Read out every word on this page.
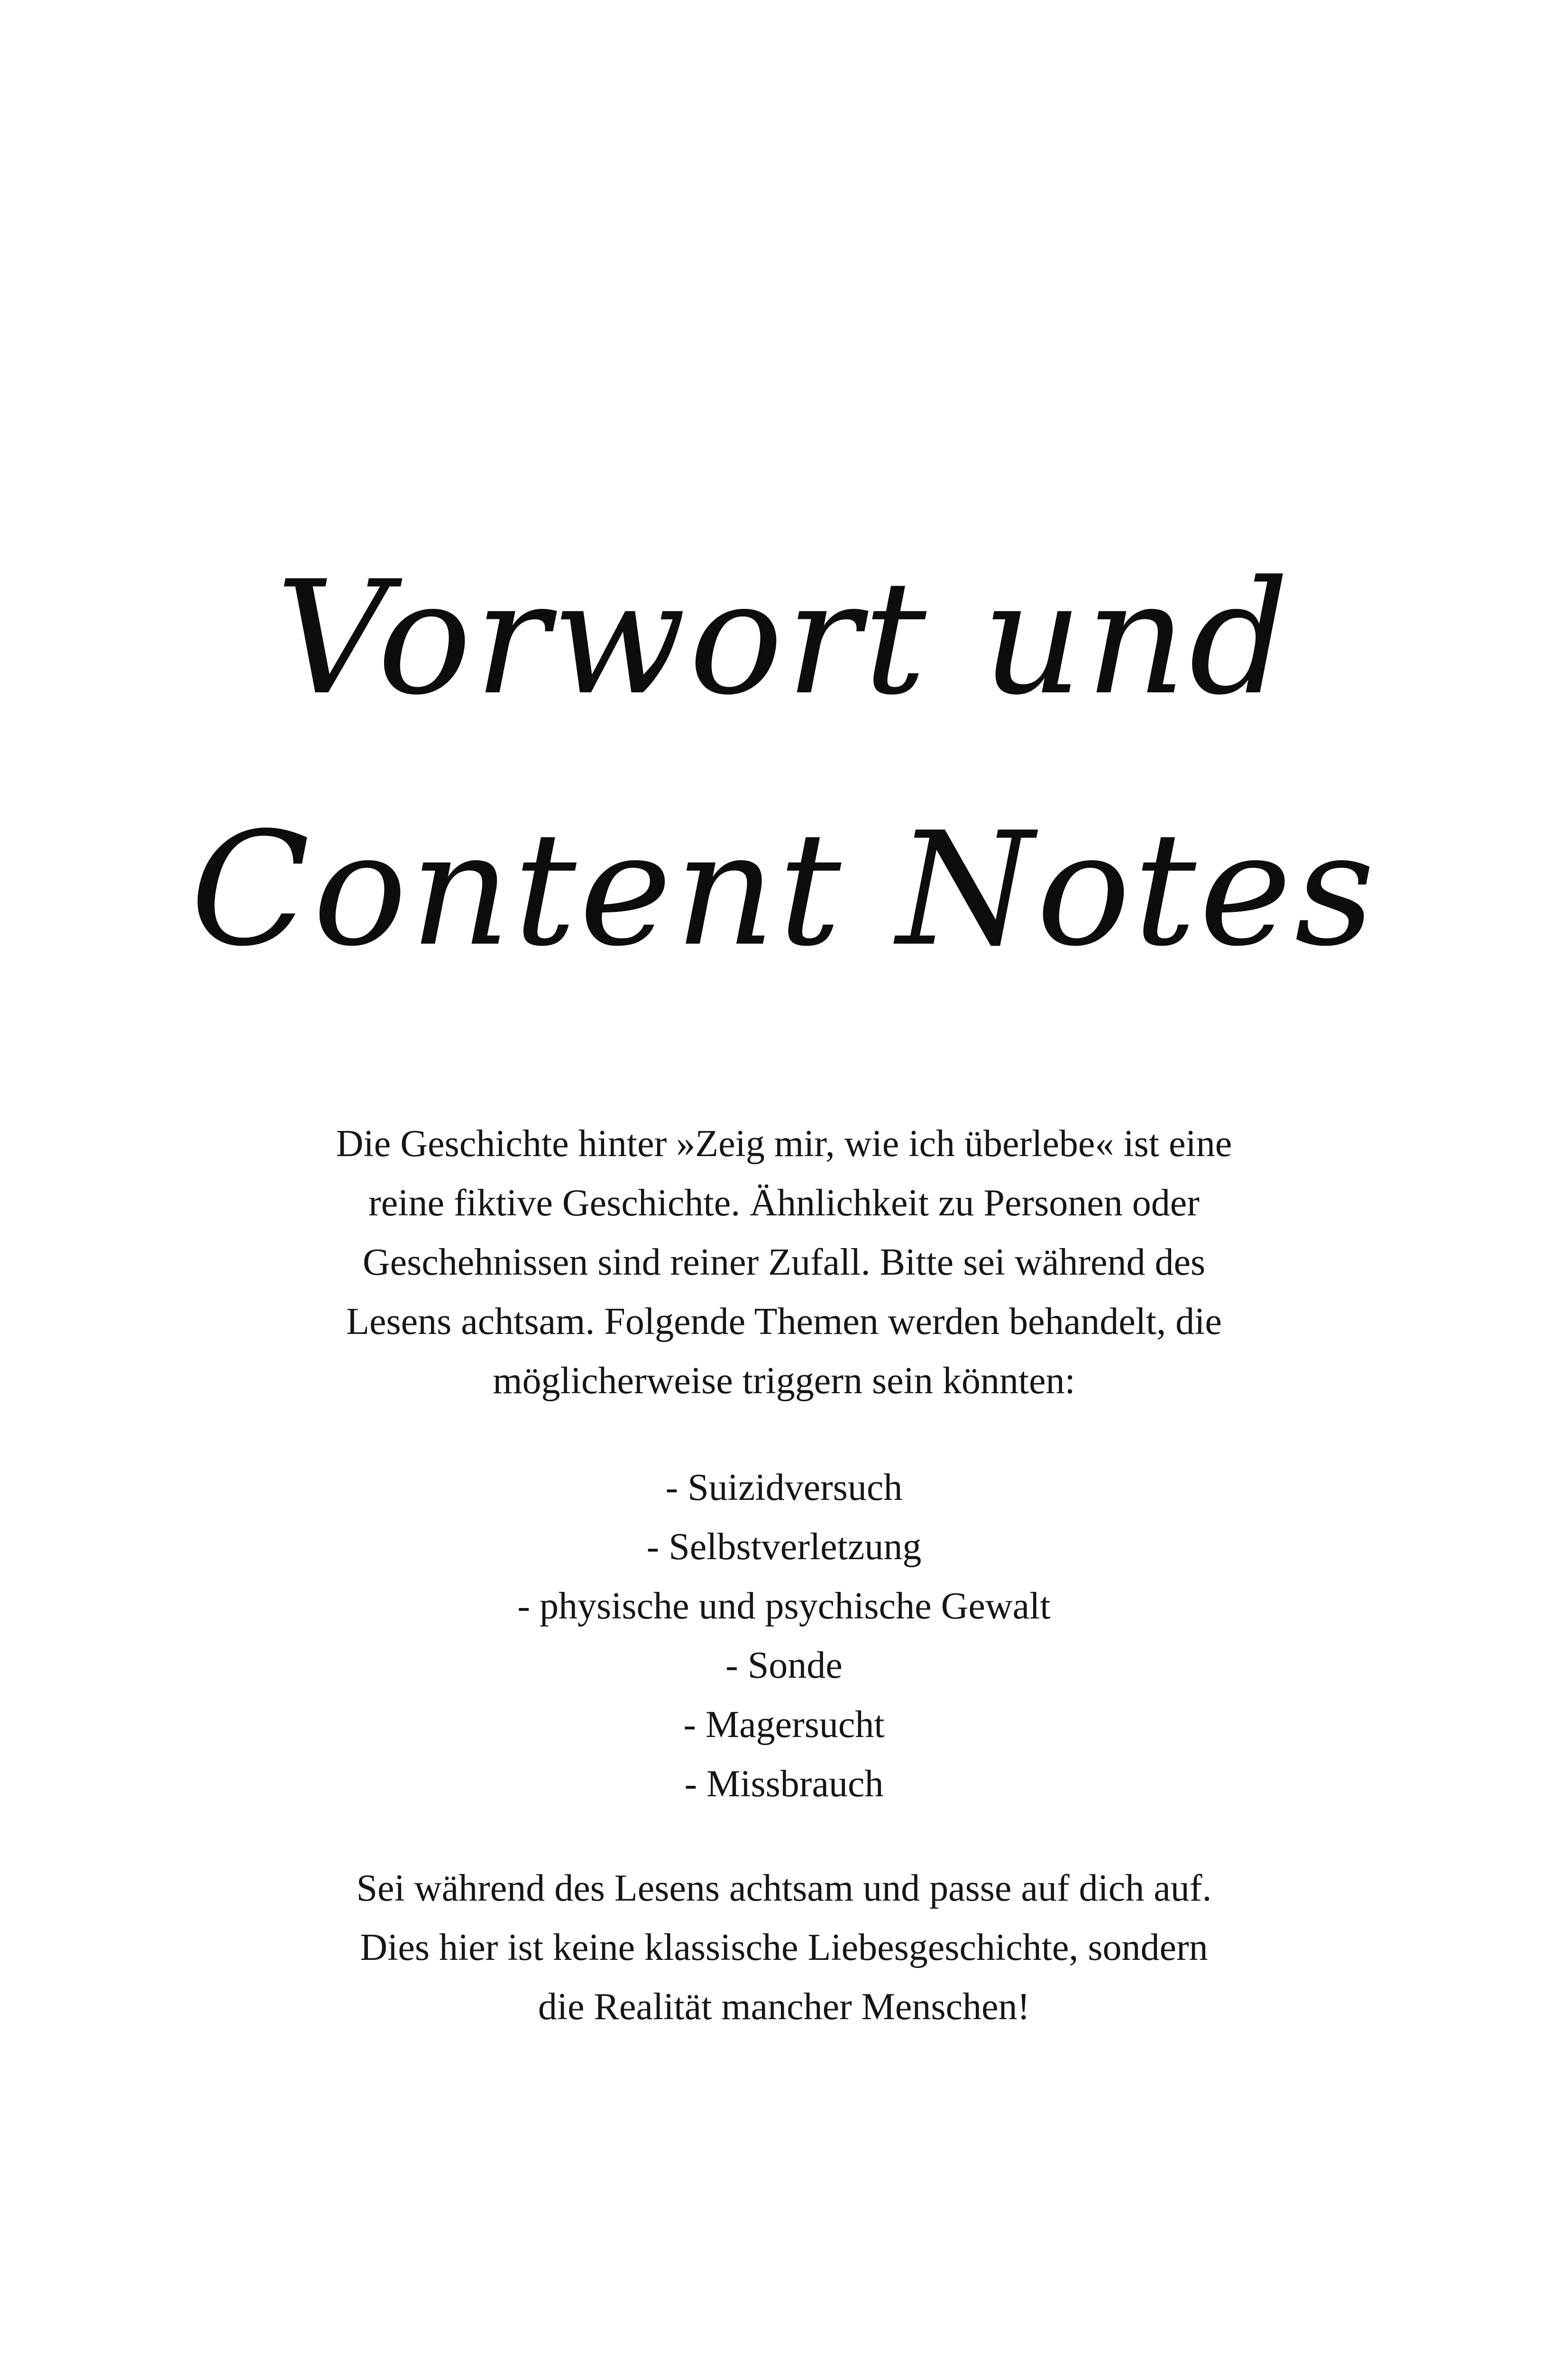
Vorwort und
Content Notes

Die Geschichte hinter »Zeig mir, wie ich überlebe« ist eine

reine fiktive Geschichte. Ähnlichkeit zu Personen oder

Geschehnissen sind reiner Zufall. Bitte sei während des

Lesens achtsam. Folgende Themen werden behandelt, die

möglicherweise triggern sein könnten:

- Suizidversuch
- Selbstverletzung
- physische und psychische Gewalt
- Sonde
- Magersucht
- Missbrauch

Sei während des Lesens achtsam und passe auf dich auf.

Dies hier ist keine klassische Liebesgeschichte, sondern

die Realität mancher Menschen!
